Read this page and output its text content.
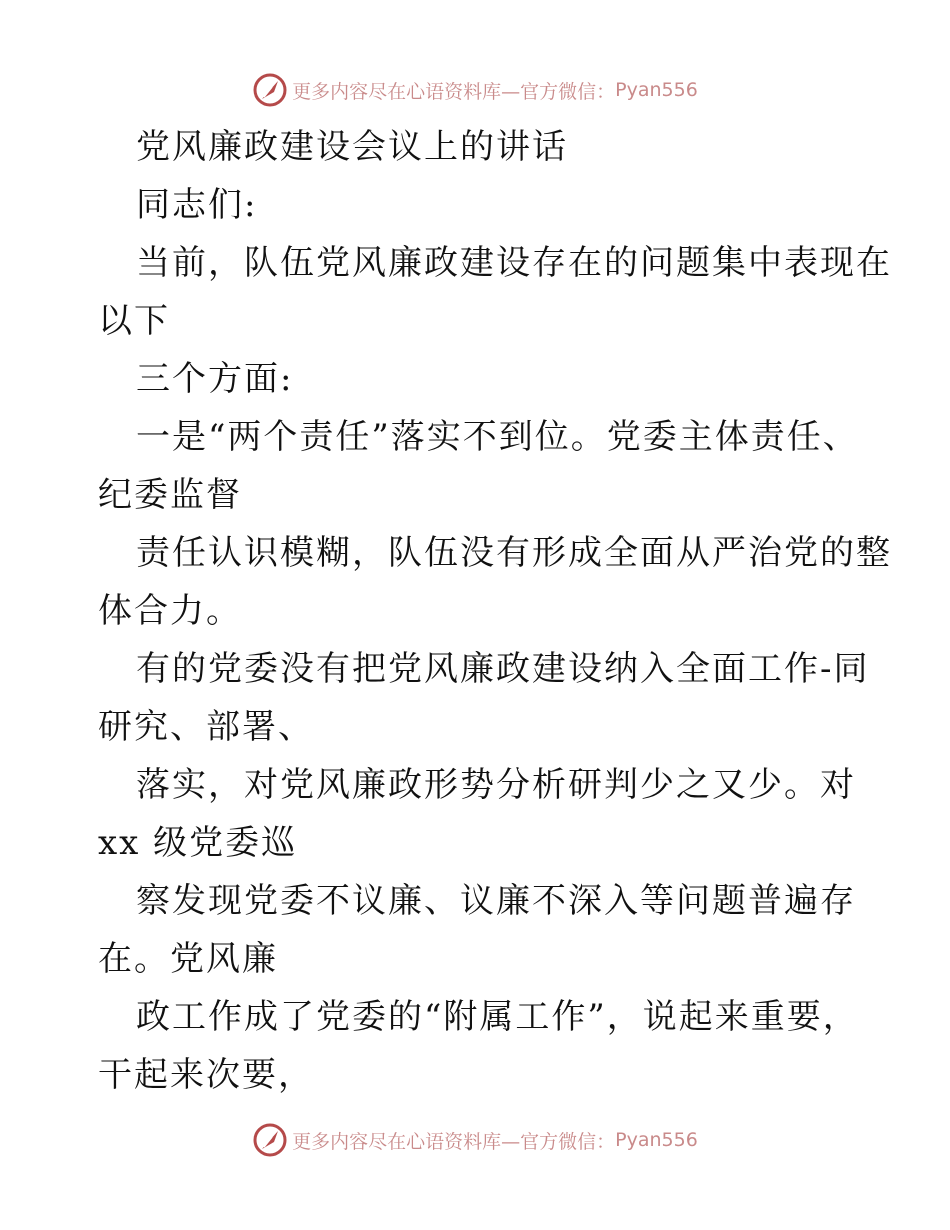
更多内容尽在心语资料库—官方微信： Pyan556
党风廉政建设会议上的讲话
同志们:
当前，队伍党风廉政建设存在的问题集中表现在
以下
三个方面:
一是“两个责任”落实不到位。党委主体责任、
纪委监督
责任认识模糊，队伍没有形成全面从严治党的整
体合力。
有的党委没有把党风廉政建设纳入全面工作-同
研究、部署、
落实，对党风廉政形势分析研判少之又少。对
xx 级党委巡
察发现党委不议廉、议廉不深入等问题普遍存
在。党风廉
政工作成了党委的“附属工作”，说起来重要，
干起来次要，
更多内容尽在心语资料库—官方微信： Pyan556
